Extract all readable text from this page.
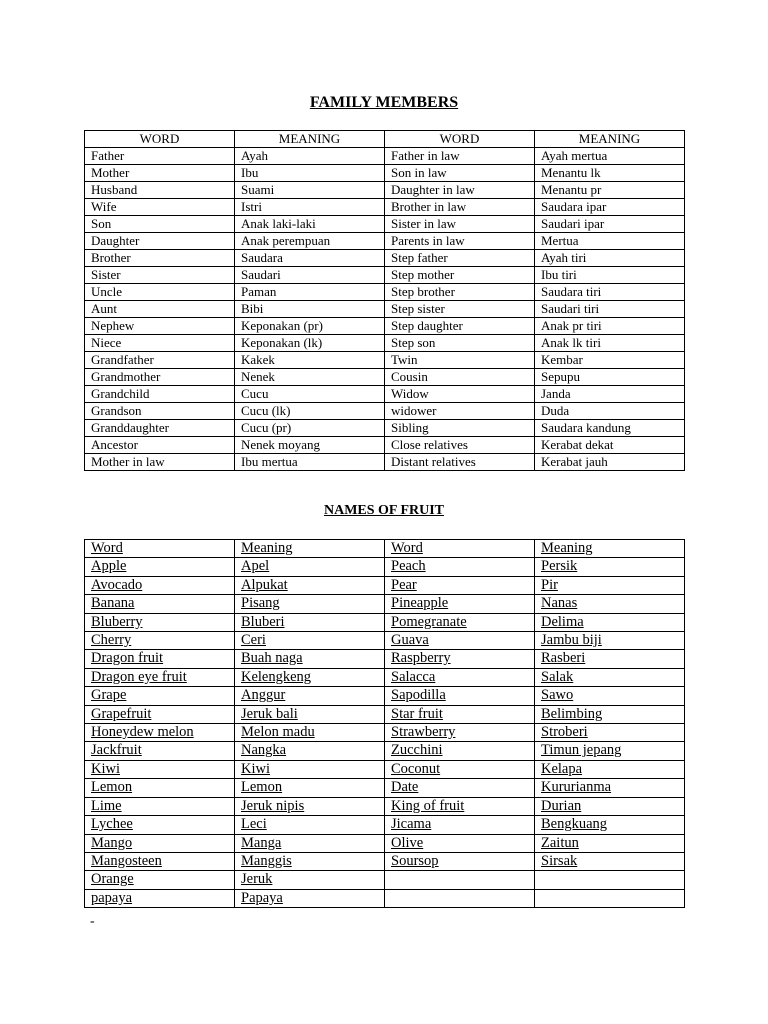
FAMILY MEMBERS
WORD	MEANING	WORD	MEANING
Father	Ayah	Father in law	Ayah mertua
Mother	Ibu	Son in law	Menantu lk
Husband	Suami	Daughter in law	Menantu pr
Wife	Istri	Brother in law	Saudara ipar
Son	Anak laki-laki	Sister in law	Saudari ipar
Daughter	Anak perempuan	Parents in law	Mertua
Brother	Saudara	Step father	Ayah tiri
Sister	Saudari	Step mother	Ibu tiri
Uncle	Paman	Step brother	Saudara tiri
Aunt	Bibi	Step sister	Saudari tiri
Nephew	Keponakan (pr)	Step daughter	Anak pr tiri
Niece	Keponakan (lk)	Step son	Anak lk tiri
Grandfather	Kakek	Twin	Kembar
Grandmother	Nenek	Cousin	Sepupu
Grandchild	Cucu	Widow	Janda
Grandson	Cucu (lk)	widower	Duda
Granddaughter	Cucu (pr)	Sibling	Saudara kandung
Ancestor	Nenek moyang	Close relatives	Kerabat dekat
Mother in law	Ibu mertua	Distant relatives	Kerabat jauh
NAMES OF FRUIT
Word	Meaning	Word	Meaning
Apple	Apel	Peach	Persik
Avocado	Alpukat	Pear	Pir
Banana	Pisang	Pineapple	Nanas
Bluberry	Bluberi	Pomegranate	Delima
Cherry	Ceri	Guava	Jambu biji
Dragon fruit	Buah naga	Raspberry	Rasberi
Dragon eye fruit	Kelengkeng	Salacca	Salak
Grape	Anggur	Sapodilla	Sawo
Grapefruit	Jeruk bali	Star fruit	Belimbing
Honeydew melon	Melon madu	Strawberry	Stroberi
Jackfruit	Nangka	Zucchini	Timun jepang
Kiwi	Kiwi	Coconut	Kelapa
Lemon	Lemon	Date	Kururianma
Lime	Jeruk nipis	King of fruit	Durian
Lychee	Leci	Jicama	Bengkuang
Mango	Manga	Olive	Zaitun
Mangosteen	Manggis	Soursop	Sirsak
Orange	Jeruk		
papaya	Papaya		
-
